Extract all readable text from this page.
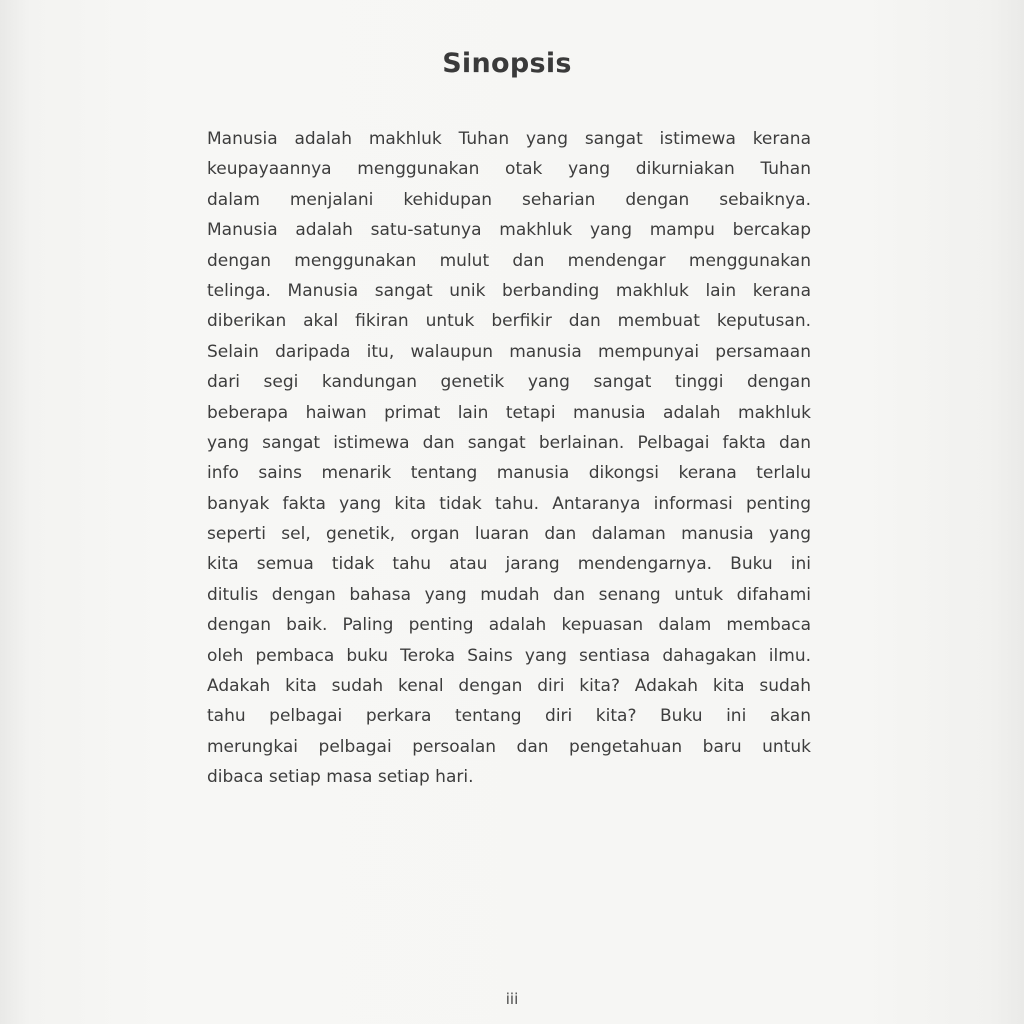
Sinopsis
Manusia adalah makhluk Tuhan yang sangat istimewa kerana
keupayaannya menggunakan otak yang dikurniakan Tuhan
dalam menjalani kehidupan seharian dengan sebaiknya.
Manusia adalah satu-satunya makhluk yang mampu bercakap
dengan menggunakan mulut dan mendengar menggunakan
telinga. Manusia sangat unik berbanding makhluk lain kerana
diberikan akal fikiran untuk berfikir dan membuat keputusan.
Selain daripada itu, walaupun manusia mempunyai persamaan
dari segi kandungan genetik yang sangat tinggi dengan
beberapa haiwan primat lain tetapi manusia adalah makhluk
yang sangat istimewa dan sangat berlainan. Pelbagai fakta dan
info sains menarik tentang manusia dikongsi kerana terlalu
banyak fakta yang kita tidak tahu. Antaranya informasi penting
seperti sel, genetik, organ luaran dan dalaman manusia yang
kita semua tidak tahu atau jarang mendengarnya. Buku ini
ditulis dengan bahasa yang mudah dan senang untuk difahami
dengan baik. Paling penting adalah kepuasan dalam membaca
oleh pembaca buku Teroka Sains yang sentiasa dahagakan ilmu.
Adakah kita sudah kenal dengan diri kita? Adakah kita sudah
tahu pelbagai perkara tentang diri kita? Buku ini akan
merungkai pelbagai persoalan dan pengetahuan baru untuk
dibaca setiap masa setiap hari.
iii
